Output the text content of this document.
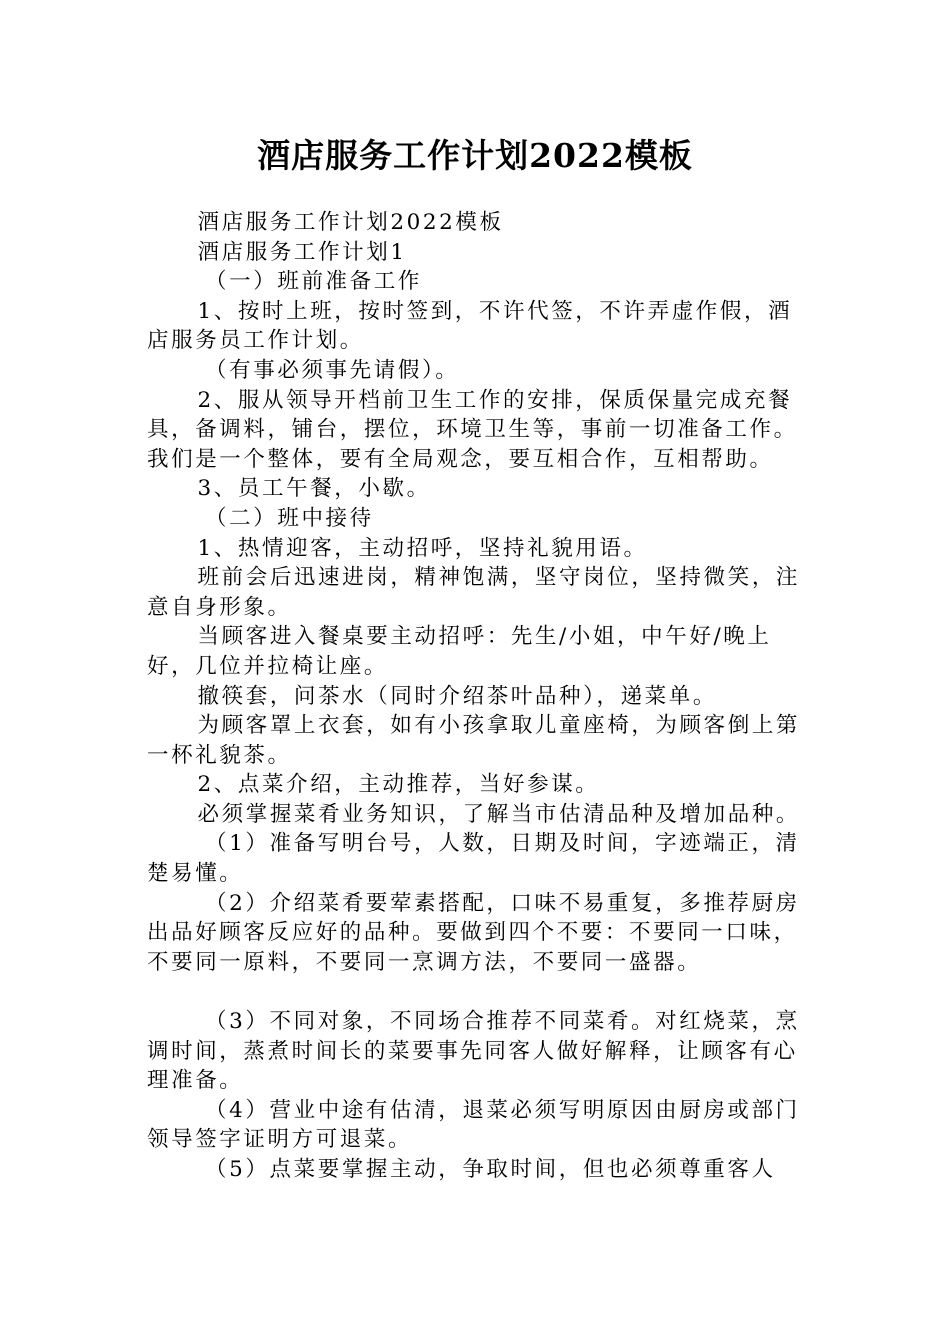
酒店服务工作计划2022模板

酒店服务工作计划2022模板

酒店服务工作计划1

（一）班前准备工作

1、按时上班，按时签到，不许代签，不许弄虚作假，酒店服务员工作计划。

（有事必须事先请假）。

2、服从领导开档前卫生工作的安排，保质保量完成充餐具，备调料，铺台，摆位，环境卫生等，事前一切准备工作。我们是一个整体，要有全局观念，要互相合作，互相帮助。

3、员工午餐，小歇。

（二）班中接待

1、热情迎客，主动招呼，坚持礼貌用语。

班前会后迅速进岗，精神饱满，坚守岗位，坚持微笑，注意自身形象。

当顾客进入餐桌要主动招呼：先生/小姐，中午好/晚上好，几位并拉椅让座。

撤筷套，问茶水（同时介绍茶叶品种），递菜单。

为顾客罩上衣套，如有小孩拿取儿童座椅，为顾客倒上第一杯礼貌茶。

2、点菜介绍，主动推荐，当好参谋。

必须掌握菜肴业务知识，了解当市估清品种及增加品种。

（1）准备写明台号，人数，日期及时间，字迹端正，清楚易懂。

（2）介绍菜肴要荤素搭配，口味不易重复，多推荐厨房出品好顾客反应好的品种。要做到四个不要：不要同一口味，不要同一原料，不要同一烹调方法，不要同一盛器。

（3）不同对象，不同场合推荐不同菜肴。对红烧菜，烹调时间，蒸煮时间长的菜要事先同客人做好解释，让顾客有心理准备。

（4）营业中途有估清，退菜必须写明原因由厨房或部门领导签字证明方可退菜。

（5）点菜要掌握主动，争取时间，但也必须尊重客人
